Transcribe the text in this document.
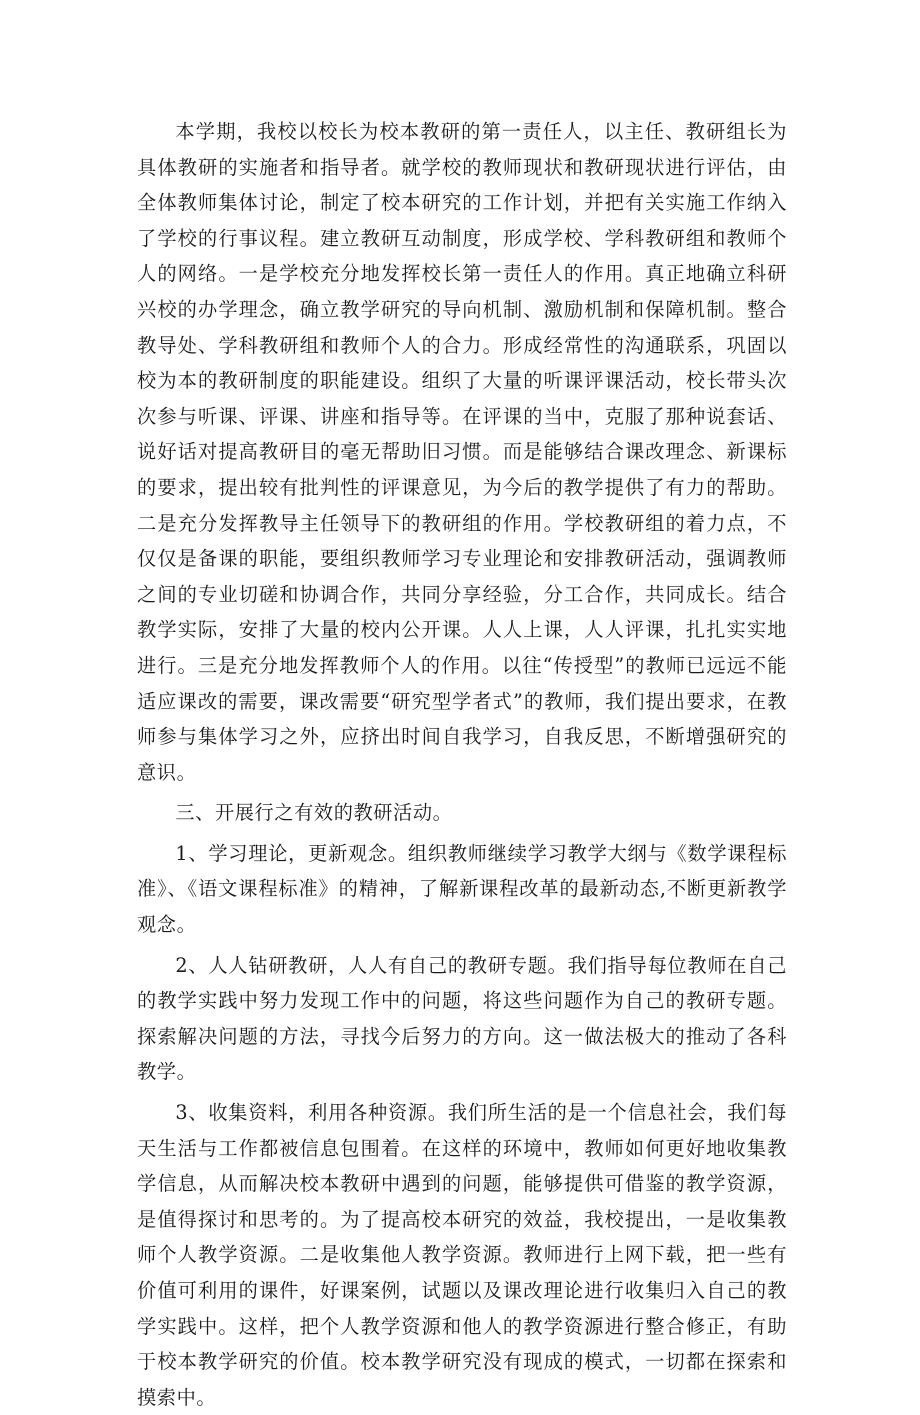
本学期，我校以校长为校本教研的第一责任人，以主任、教研组长为具体教研的实施者和指导者。就学校的教师现状和教研现状进行评估，由全体教师集体讨论，制定了校本研究的工作计划，并把有关实施工作纳入了学校的行事议程。建立教研互动制度，形成学校、学科教研组和教师个人的网络。一是学校充分地发挥校长第一责任人的作用。真正地确立科研兴校的办学理念，确立教学研究的导向机制、激励机制和保障机制。整合教导处、学科教研组和教师个人的合力。形成经常性的沟通联系，巩固以校为本的教研制度的职能建设。组织了大量的听课评课活动，校长带头次次参与听课、评课、讲座和指导等。在评课的当中，克服了那种说套话、说好话对提高教研目的毫无帮助旧习惯。而是能够结合课改理念、新课标的要求，提出较有批判性的评课意见，为今后的教学提供了有力的帮助。二是充分发挥教导主任领导下的教研组的作用。学校教研组的着力点，不仅仅是备课的职能，要组织教师学习专业理论和安排教研活动，强调教师之间的专业切磋和协调合作，共同分享经验，分工合作，共同成长。结合教学实际，安排了大量的校内公开课。人人上课，人人评课，扎扎实实地进行。三是充分地发挥教师个人的作用。以往“传授型”的教师已远远不能适应课改的需要，课改需要“研究型学者式”的教师，我们提出要求，在教师参与集体学习之外，应挤出时间自我学习，自我反思，不断增强研究的意识。

三、开展行之有效的教研活动。

1、学习理论，更新观念。组织教师继续学习教学大纲与《数学课程标准》、《语文课程标准》的精神，了解新课程改革的最新动态,不断更新教学观念。

2、人人钻研教研，人人有自己的教研专题。我们指导每位教师在自己的教学实践中努力发现工作中的问题，将这些问题作为自己的教研专题。探索解决问题的方法，寻找今后努力的方向。这一做法极大的推动了各科教学。

3、收集资料，利用各种资源。我们所生活的是一个信息社会，我们每天生活与工作都被信息包围着。在这样的环境中，教师如何更好地收集教学信息，从而解决校本教研中遇到的问题，能够提供可借鉴的教学资源，是值得探讨和思考的。为了提高校本研究的效益，我校提出，一是收集教师个人教学资源。二是收集他人教学资源。教师进行上网下载，把一些有价值可利用的课件，好课案例，试题以及课改理论进行收集归入自己的教学实践中。这样，把个人教学资源和他人的教学资源进行整合修正，有助于校本教学研究的价值。校本教学研究没有现成的模式，一切都在探索和摸索中。
